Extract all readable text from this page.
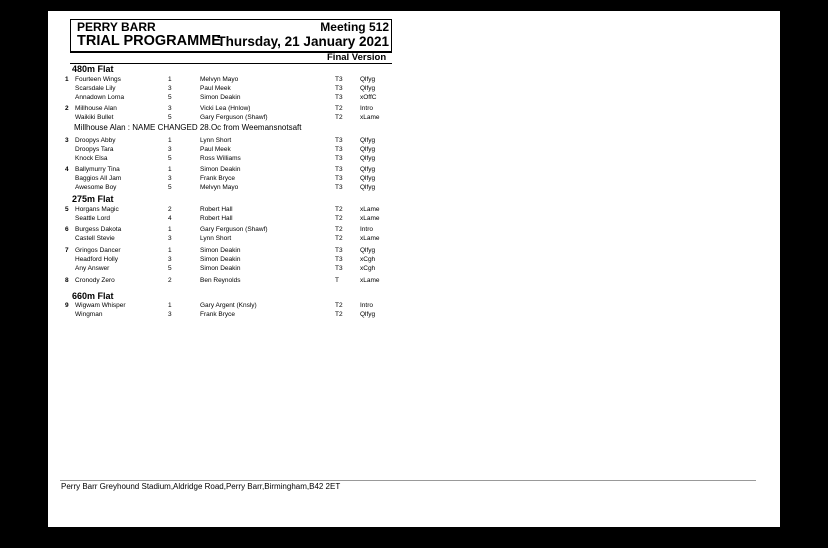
PERRY BARR	Meeting 512
TRIAL PROGRAMME
Thursday, 21 January 2021
Final Version
480m Flat
275m Flat
660m Flat
1 Fourteen Wings	1	Melvyn Mayo	T3	Qlfyg
Scarsdale Lily	3	Paul Meek	T3	Qlfyg
Annadown Lorna	5	Simon Deakin	T3	xOffC
2 Millhouse Alan	3	Vicki Lea (Hnlow)	T2	Intro
Waikiki Bullet	5	Gary Ferguson (Shawf)	T2	xLame
3 Droopys Abby	1	Lynn Short	T3	Qlfyg
Droopys Tara	3	Paul Meek	T3	Qlfyg
Knock Elsa	5	Ross Williams	T3	Qlfyg
4 Ballymurry Tina	1	Simon Deakin	T3	Qlfyg
Baggios All Jam	3	Frank Bryce	T3	Qlfyg
Awesome Boy	5	Melvyn Mayo	T3	Qlfyg
5 Horgans Magic	2	Robert Hall	T2	xLame
Seattle Lord	4	Robert Hall	T2	xLame
6 Burgess Dakota	1	Gary Ferguson (Shawf)	T2	Intro
Castell Stevie	3	Lynn Short	T2	xLame
7 Gringos Dancer	1	Simon Deakin	T3	Qlfyg
Headford Holly	3	Simon Deakin	T3	xCgh
Any Answer	5	Simon Deakin	T3	xCgh
8 Cronody Zero	2	Ben Reynolds	T	xLame
9 Wigwam Whisper	1	Gary Argent (Knsly)	T2	Intro
Wingman	3	Frank Bryce	T2	Qlfyg
Millhouse Alan : NAME CHANGED 28.Oc from Weemansnotsaft
Perry Barr Greyhound Stadium,Aldridge Road,Perry Barr,Birmingham,B42 2ET
